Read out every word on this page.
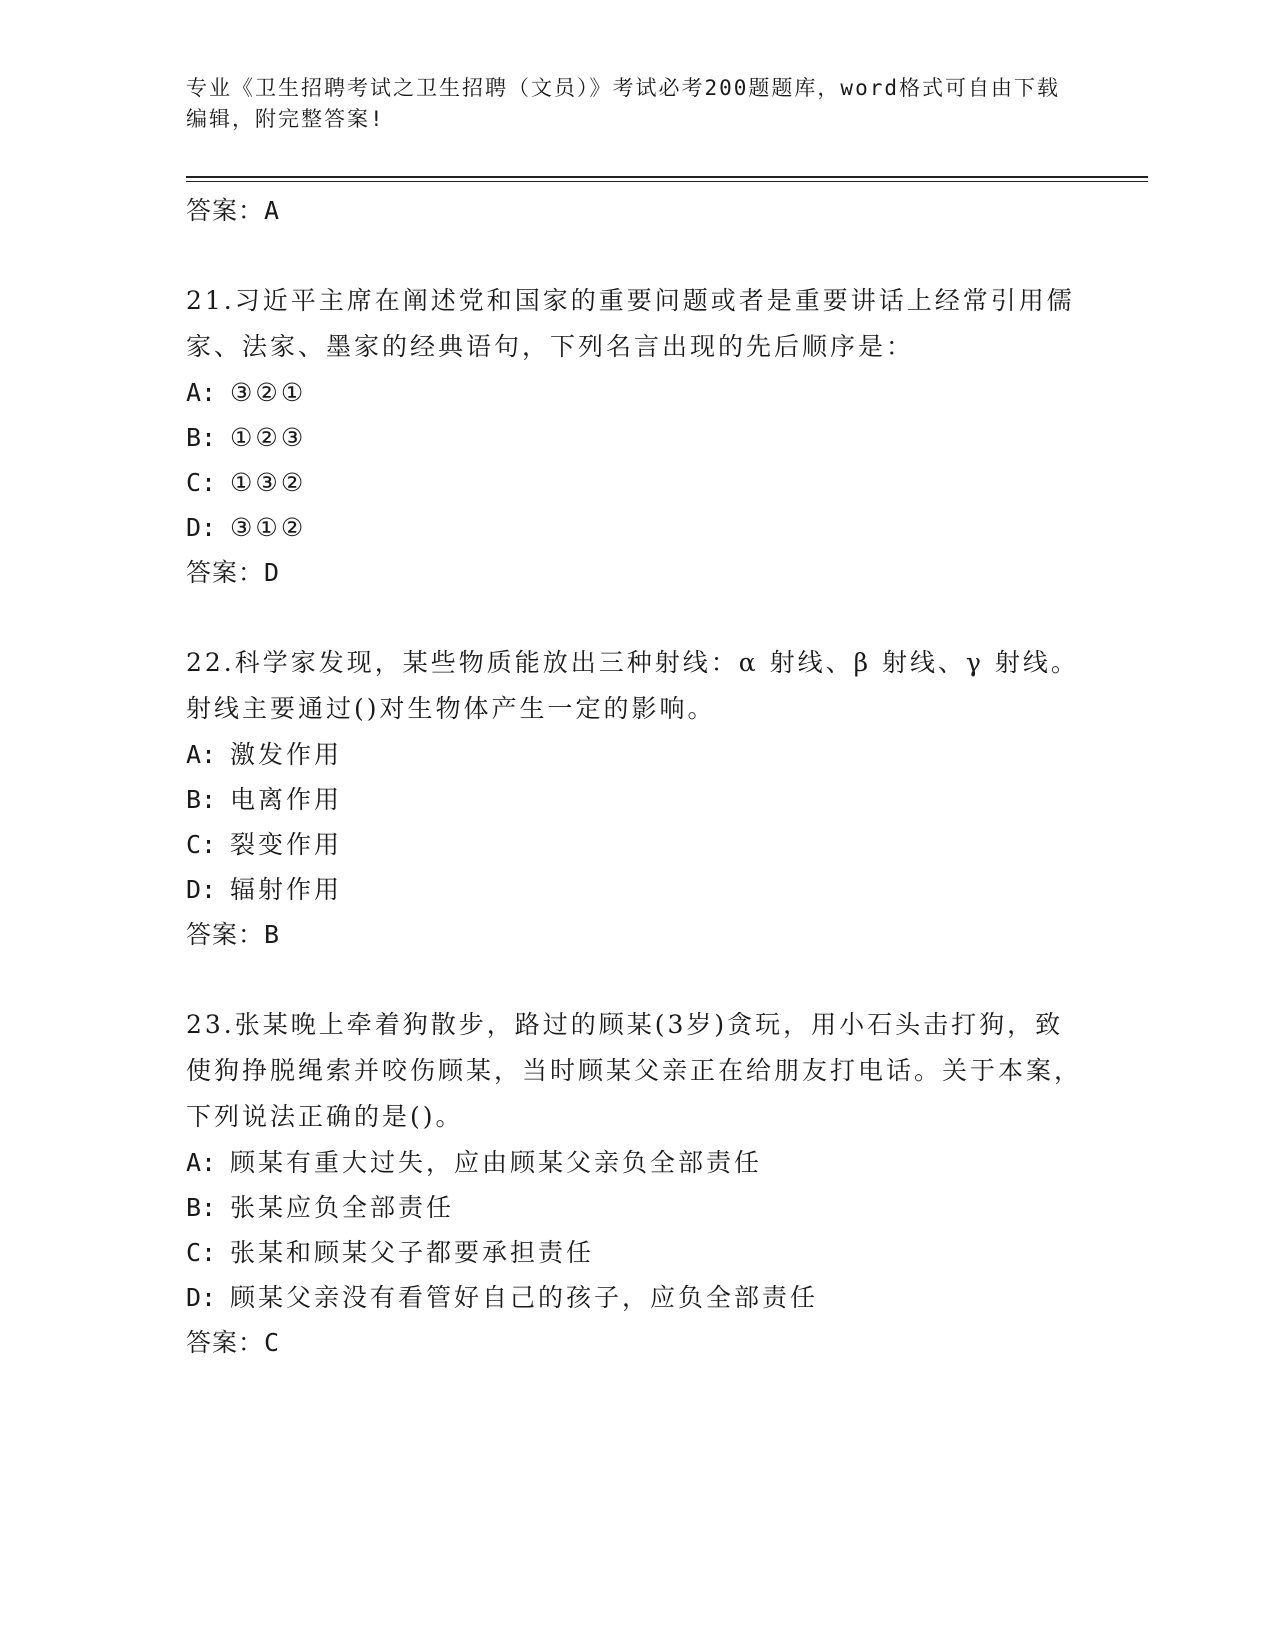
专业《卫生招聘考试之卫生招聘（文员）》考试必考200题题库，word格式可自由下载编辑，附完整答案!
答案：A

21.习近平主席在阐述党和国家的重要问题或者是重要讲话上经常引用儒家、法家、墨家的经典语句，下列名言出现的先后顺序是：

A: ③②①
B: ①②③
C: ①③②
D: ③①②
答案：D

22.科学家发现，某些物质能放出三种射线：α 射线、β 射线、γ 射线。射线主要通过()对生物体产生一定的影响。

A: 激发作用
B: 电离作用
C: 裂变作用
D: 辐射作用
答案：B

23.张某晚上牵着狗散步，路过的顾某(3岁)贪玩，用小石头击打狗，致使狗挣脱绳索并咬伤顾某，当时顾某父亲正在给朋友打电话。关于本案，下列说法正确的是()。

A: 顾某有重大过失，应由顾某父亲负全部责任
B: 张某应负全部责任
C: 张某和顾某父子都要承担责任
D: 顾某父亲没有看管好自己的孩子，应负全部责任
答案：C
